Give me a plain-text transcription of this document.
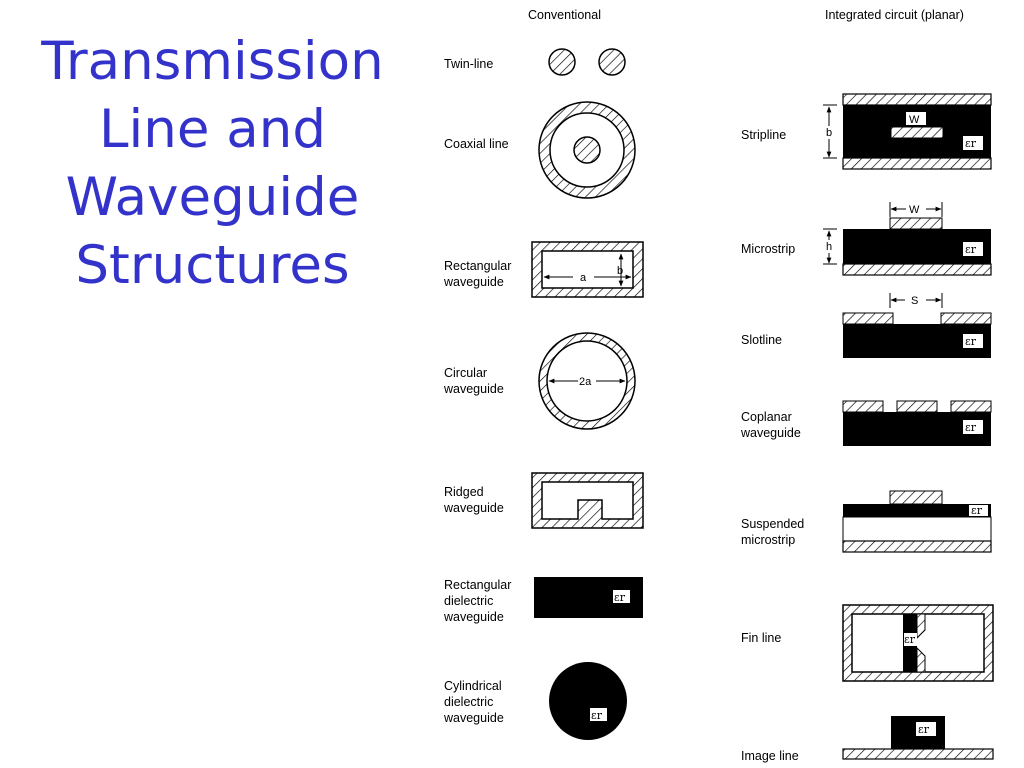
Transmission
Line and
Waveguide
Structures
Conventional	Integrated circuit (planar)
Twin-line
Coaxial line
a
b
Rectangular waveguide
2a
Circular waveguide
Ridged waveguide
εr
Rectangular dielectric waveguide
εr
Cylindrical dielectric waveguide
W
b
εr
Stripline
W
h	εr
Microstrip
S
εr
Slotline
εr
Coplanar waveguide
εr
Suspended microstrip
εr
Fin line
εr
Image line
